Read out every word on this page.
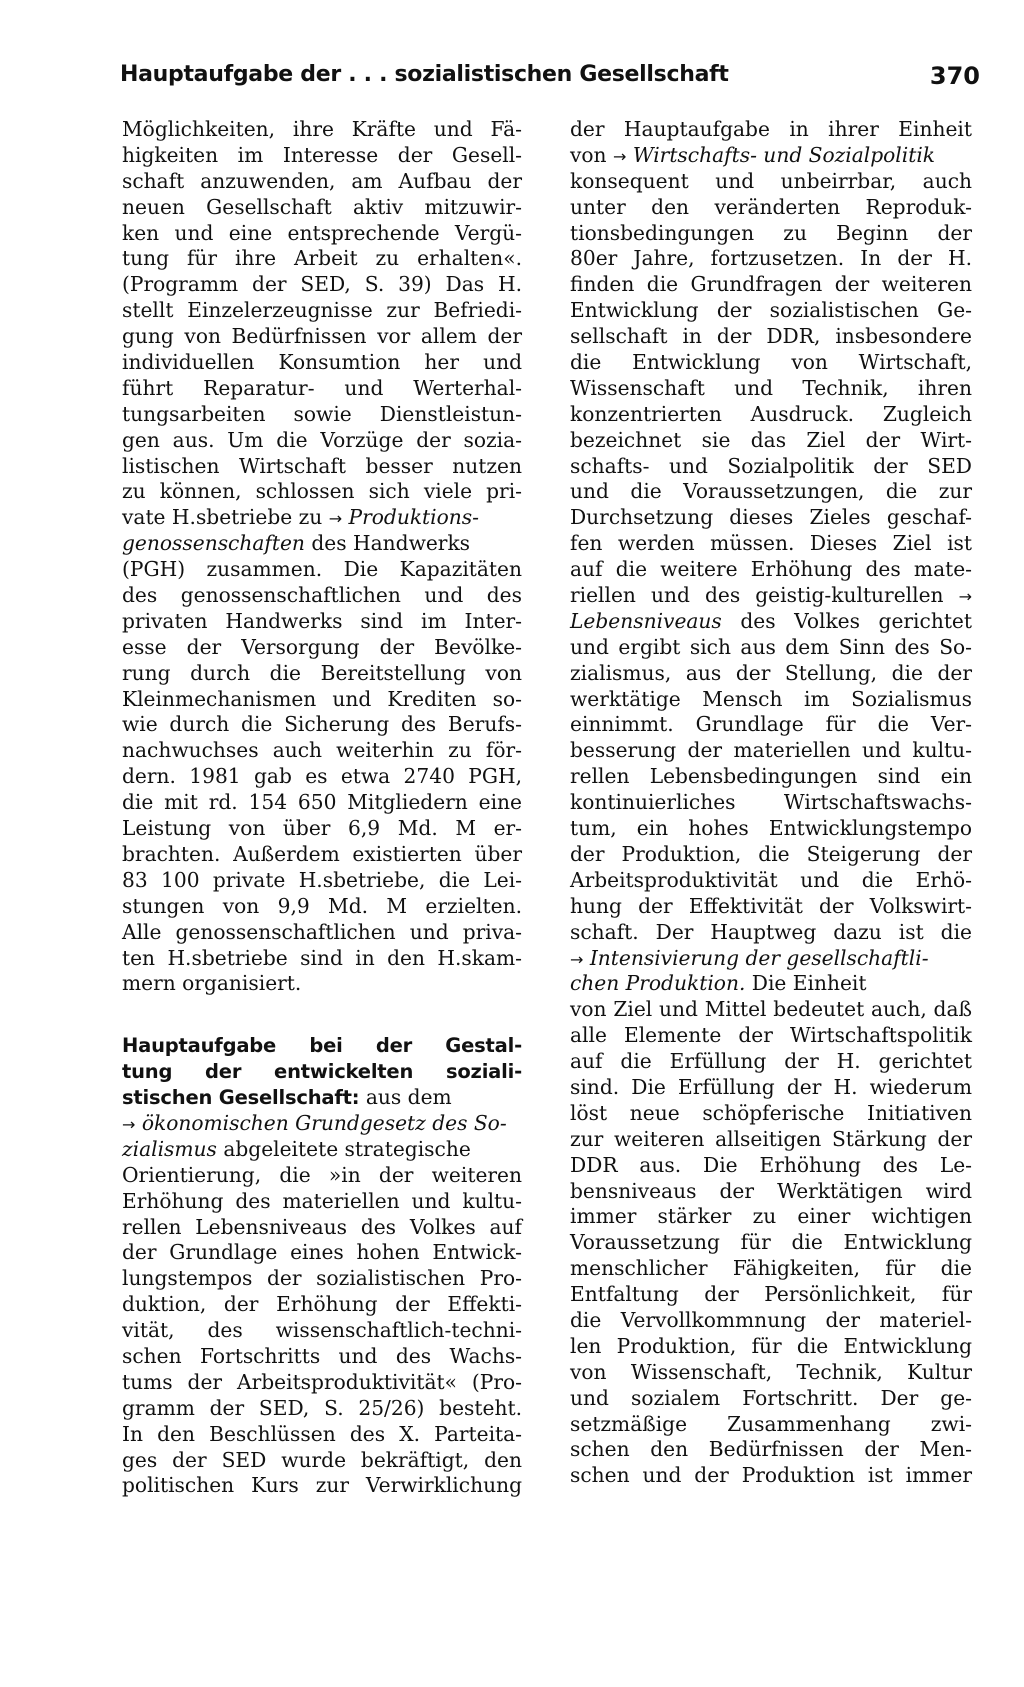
Hauptaufgabe der . . . sozialistischen Gesellschaft	370
Möglichkeiten, ihre Kräfte und Fä-
higkeiten im Interesse der Gesell-
schaft anzuwenden, am Aufbau der
neuen Gesellschaft aktiv mitzuwir-
ken und eine entsprechende Vergü-
tung für ihre Arbeit zu erhalten«.
(Programm der SED, S. 39) Das H.
stellt Einzelerzeugnisse zur Befriedi-
gung von Bedürfnissen vor allem der
individuellen Konsumtion her und
führt Reparatur- und Werterhal-
tungsarbeiten sowie Dienstleistun-
gen aus. Um die Vorzüge der sozia-
listischen Wirtschaft besser nutzen
zu können, schlossen sich viele pri-
vate H.sbetriebe zu → Produktions-
genossenschaften des Handwerks
(PGH) zusammen. Die Kapazitäten
des genossenschaftlichen und des
privaten Handwerks sind im Inter-
esse der Versorgung der Bevölke-
rung durch die Bereitstellung von
Kleinmechanismen und Krediten so-
wie durch die Sicherung des Berufs-
nachwuchses auch weiterhin zu för-
dern. 1981 gab es etwa 2740 PGH,
die mit rd. 154 650 Mitgliedern eine
Leistung von über 6,9 Md. M er-
brachten. Außerdem existierten über
83 100 private H.sbetriebe, die Lei-
stungen von 9,9 Md. M erzielten.
Alle genossenschaftlichen und priva-
ten H.sbetriebe sind in den H.skam-
mern organisiert.
Hauptaufgabe bei der Gestal-
tung der entwickelten soziali-
stischen Gesellschaft: aus dem
→ ökonomischen Grundgesetz des So-
zialismus abgeleitete strategische
Orientierung, die »in der weiteren
Erhöhung des materiellen und kultu-
rellen Lebensniveaus des Volkes auf
der Grundlage eines hohen Entwick-
lungstempos der sozialistischen Pro-
duktion, der Erhöhung der Effekti-
vität, des wissenschaftlich-techni-
schen Fortschritts und des Wachs-
tums der Arbeitsproduktivität« (Pro-
gramm der SED, S. 25/26) besteht.
In den Beschlüssen des X. Parteita-
ges der SED wurde bekräftigt, den
politischen Kurs zur Verwirklichung
der Hauptaufgabe in ihrer Einheit
von → Wirtschafts- und Sozialpolitik
konsequent und unbeirrbar, auch
unter den veränderten Reproduk-
tionsbedingungen zu Beginn der
80er Jahre, fortzusetzen. In der H.
finden die Grundfragen der weiteren
Entwicklung der sozialistischen Ge-
sellschaft in der DDR, insbesondere
die Entwicklung von Wirtschaft,
Wissenschaft und Technik, ihren
konzentrierten Ausdruck. Zugleich
bezeichnet sie das Ziel der Wirt-
schafts- und Sozialpolitik der SED
und die Voraussetzungen, die zur
Durchsetzung dieses Zieles geschaf-
fen werden müssen. Dieses Ziel ist
auf die weitere Erhöhung des mate-
riellen und des geistig-kulturellen →
Lebensniveaus des Volkes gerichtet
und ergibt sich aus dem Sinn des So-
zialismus, aus der Stellung, die der
werktätige Mensch im Sozialismus
einnimmt. Grundlage für die Ver-
besserung der materiellen und kultu-
rellen Lebensbedingungen sind ein
kontinuierliches Wirtschaftswachs-
tum, ein hohes Entwicklungstempo
der Produktion, die Steigerung der
Arbeitsproduktivität und die Erhö-
hung der Effektivität der Volkswirt-
schaft. Der Hauptweg dazu ist die
→ Intensivierung der gesellschaftli-
chen Produktion. Die Einheit
von Ziel und Mittel bedeutet auch, daß
alle Elemente der Wirtschaftspolitik
auf die Erfüllung der H. gerichtet
sind. Die Erfüllung der H. wiederum
löst neue schöpferische Initiativen
zur weiteren allseitigen Stärkung der
DDR aus. Die Erhöhung des Le-
bensniveaus der Werktätigen wird
immer stärker zu einer wichtigen
Voraussetzung für die Entwicklung
menschlicher Fähigkeiten, für die
Entfaltung der Persönlichkeit, für
die Vervollkommnung der materiel-
len Produktion, für die Entwicklung
von Wissenschaft, Technik, Kultur
und sozialem Fortschritt. Der ge-
setzmäßige Zusammenhang zwi-
schen den Bedürfnissen der Men-
schen und der Produktion ist immer
